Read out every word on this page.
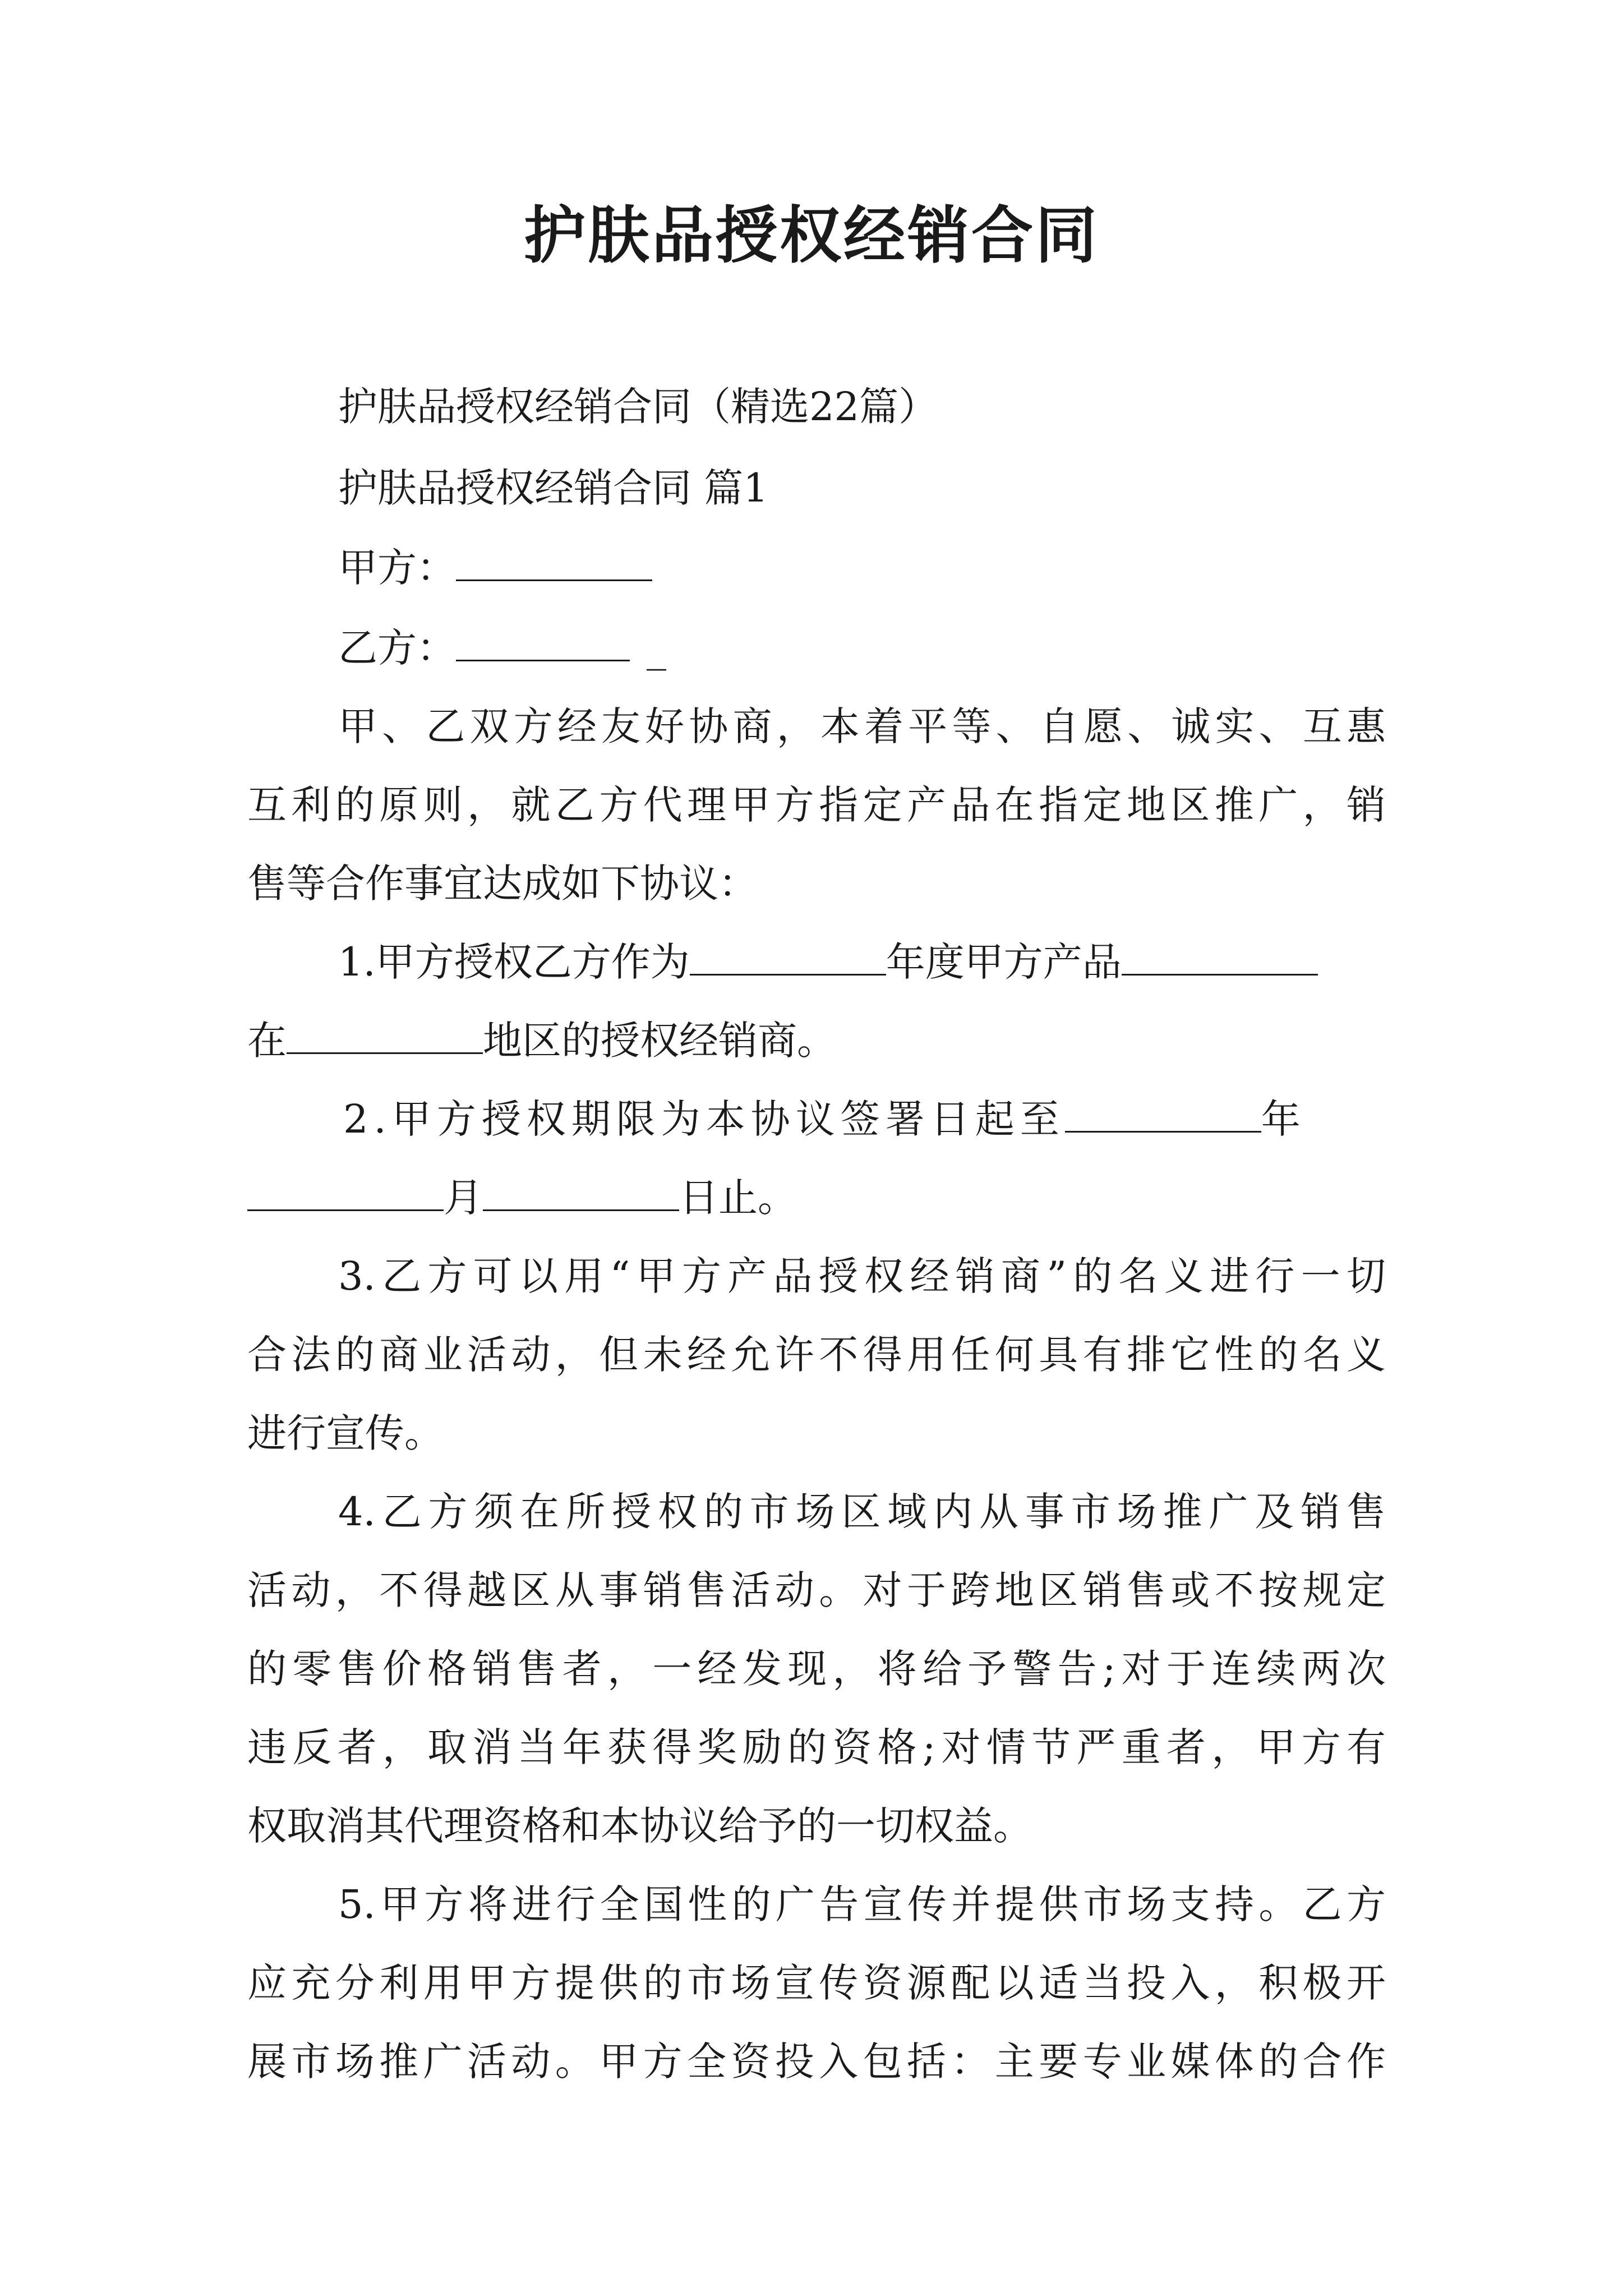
护肤品授权经销合同
护肤品授权经销合同（精选22篇）
护肤品授权经销合同 篇1
甲方：
乙方：	_
甲、乙双方经友好协商，本着平等、自愿、诚实、互惠
互利的原则，就乙方代理甲方指定产品在指定地区推广，销
售等合作事宜达成如下协议：
1.甲方授权乙方作为	年度甲方产品
在	地区的授权经销商。
2.甲方授权期限为本协议签署日起至	年
月	日止。
3.乙方可以用“甲方产品授权经销商”的名义进行一切
合法的商业活动，但未经允许不得用任何具有排它性的名义
进行宣传。
4.乙方须在所授权的市场区域内从事市场推广及销售
活动，不得越区从事销售活动。对于跨地区销售或不按规定
的零售价格销售者，一经发现，将给予警告;对于连续两次
违反者，取消当年获得奖励的资格;对情节严重者，甲方有
权取消其代理资格和本协议给予的一切权益。
5.甲方将进行全国性的广告宣传并提供市场支持。乙方
应充分利用甲方提供的市场宣传资源配以适当投入，积极开
展市场推广活动。甲方全资投入包括：主要专业媒体的合作
